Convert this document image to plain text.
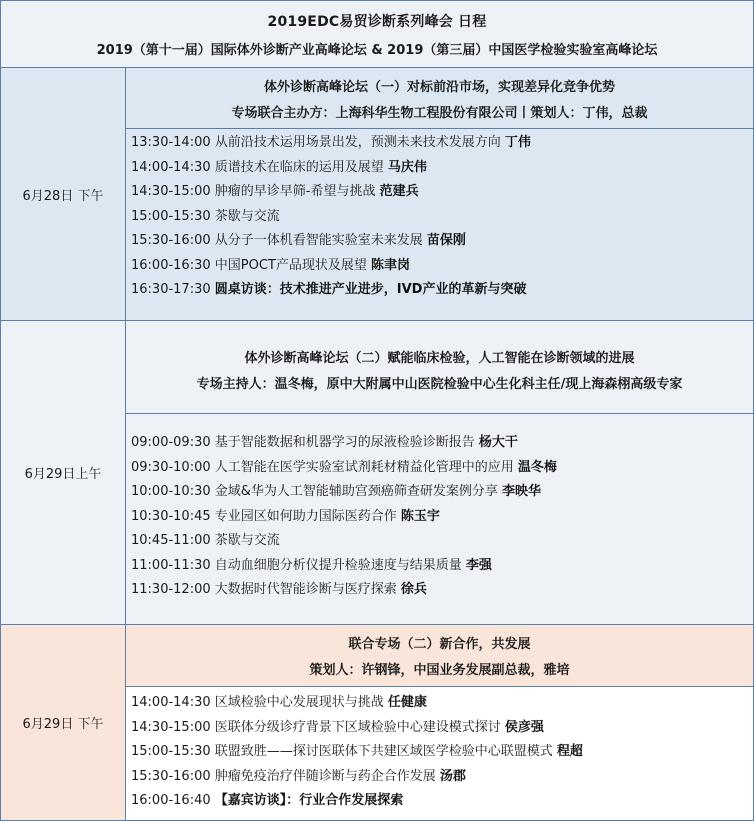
2019EDC易贸诊断系列峰会 日程
2019（第十一届）国际体外诊断产业高峰论坛 & 2019（第三届）中国医学检验实验室高峰论坛
6月28日 下午
体外诊断高峰论坛（一）对标前沿市场，实现差异化竞争优势
专场联合主办方：上海科华生物工程股份有限公司丨策划人：丁伟，总裁
13:30-14:00 从前沿技术运用场景出发，预测未来技术发展方向 丁伟
14:00-14:30 质谱技术在临床的运用及展望 马庆伟
14:30-15:00 肿瘤的早诊早筛-希望与挑战 范建兵
15:00-15:30 茶歇与交流
15:30-16:00 从分子一体机看智能实验室未来发展 苗保刚
16:00-16:30 中国POCT产品现状及展望 陈聿岗
16:30-17:30 圆桌访谈：技术推进产业进步，IVD产业的革新与突破
6月29日上午
体外诊断高峰论坛（二）赋能临床检验，人工智能在诊断领域的进展
专场主持人：温冬梅，原中大附属中山医院检验中心生化科主任/现上海森栩高级专家
09:00-09:30 基于智能数据和机器学习的尿液检验诊断报告 杨大干
09:30-10:00 人工智能在医学实验室试剂耗材精益化管理中的应用 温冬梅
10:00-10:30 金域&华为人工智能辅助宫颈癌筛查研发案例分享 李映华
10:30-10:45 专业园区如何助力国际医药合作 陈玉宇
10:45-11:00 茶歇与交流
11:00-11:30 自动血细胞分析仪提升检验速度与结果质量 李强
11:30-12:00 大数据时代智能诊断与医疗探索 徐兵
6月29日 下午
联合专场（二）新合作，共发展
策划人：许钢锋，中国业务发展副总裁，雅培
14:00-14:30 区域检验中心发展现状与挑战 任健康
14:30-15:00 医联体分级诊疗背景下区域检验中心建设模式探讨 侯彦强
15:00-15:30 联盟致胜——探讨医联体下共建区域医学检验中心联盟模式 程超
15:30-16:00 肿瘤免疫治疗伴随诊断与药企合作发展 汤郡
16:00-16:40 【嘉宾访谈】：行业合作发展探索
